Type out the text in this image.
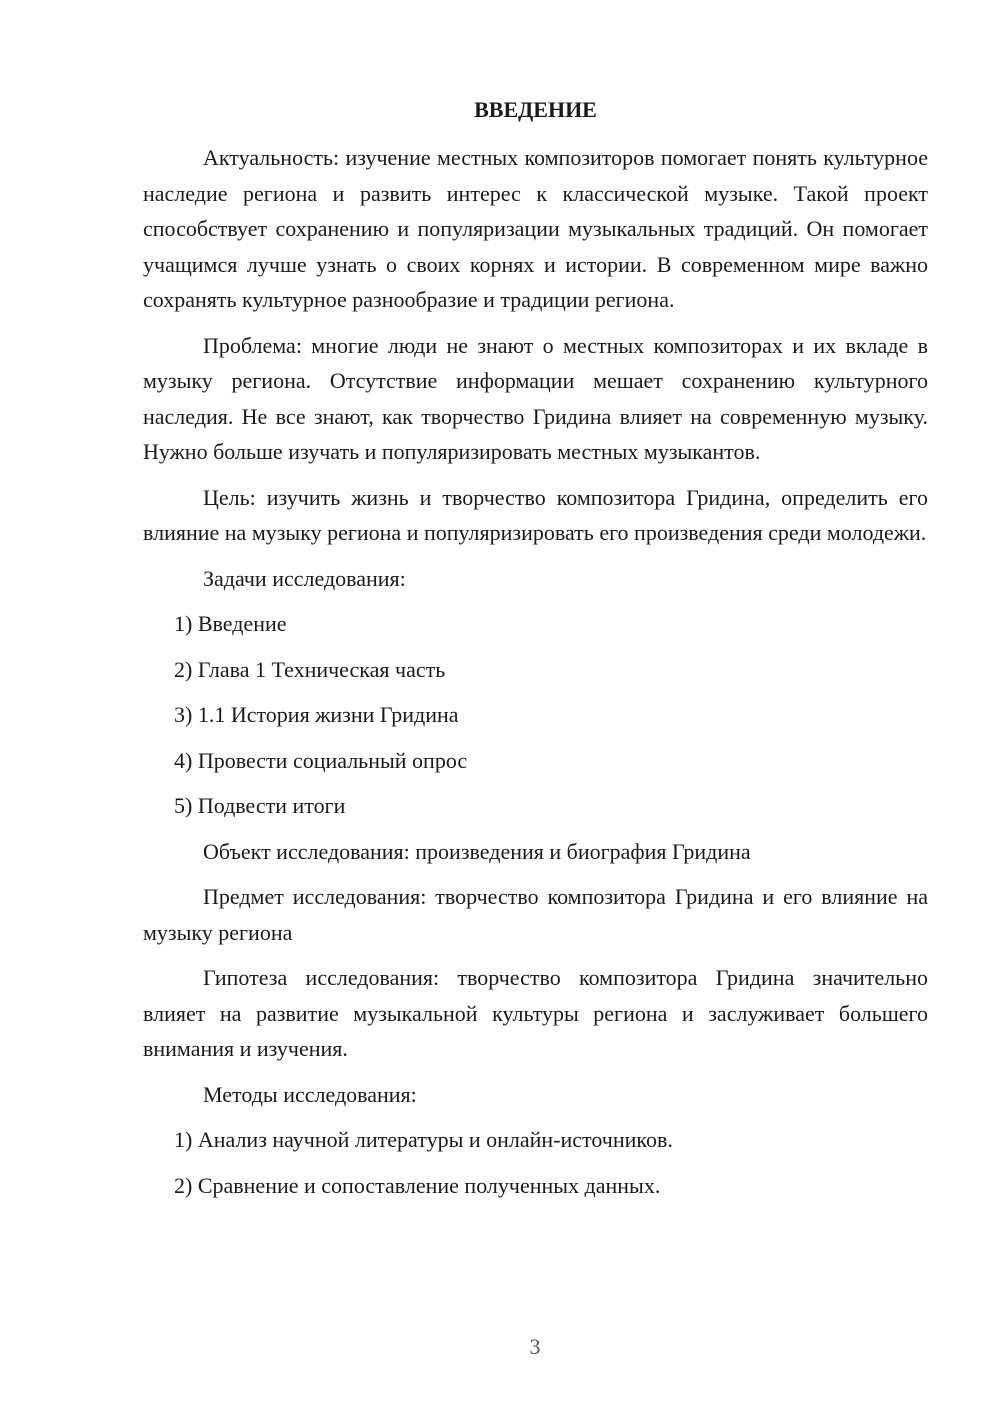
ВВЕДЕНИЕ

Актуальность: изучение местных композиторов помогает понять культурное наследие региона и развить интерес к классической музыке. Такой проект способствует сохранению и популяризации музыкальных традиций. Он помогает учащимся лучше узнать о своих корнях и истории. В современном мире важно сохранять культурное разнообразие и традиции региона.

Проблема: многие люди не знают о местных композиторах и их вкладе в музыку региона. Отсутствие информации мешает сохранению культурного наследия. Не все знают, как творчество Гридина влияет на современную музыку. Нужно больше изучать и популяризировать местных музыкантов.

Цель: изучить жизнь и творчество композитора Гридина, определить его влияние на музыку региона и популяризировать его произведения среди молодежи.

Задачи исследования:
1) Введение
2) Глава 1 Техническая часть
3) 1.1 История жизни Гридина
4) Провести социальный опрос
5) Подвести итоги
Объект исследования: произведения и биография Гридина

Предмет исследования: творчество композитора Гридина и его влияние на музыку региона

Гипотеза исследования: творчество композитора Гридина значительно влияет на развитие музыкальной культуры региона и заслуживает большего внимания и изучения.

Методы исследования:
1) Анализ научной литературы и онлайн-источников.
2) Сравнение и сопоставление полученных данных.
3
